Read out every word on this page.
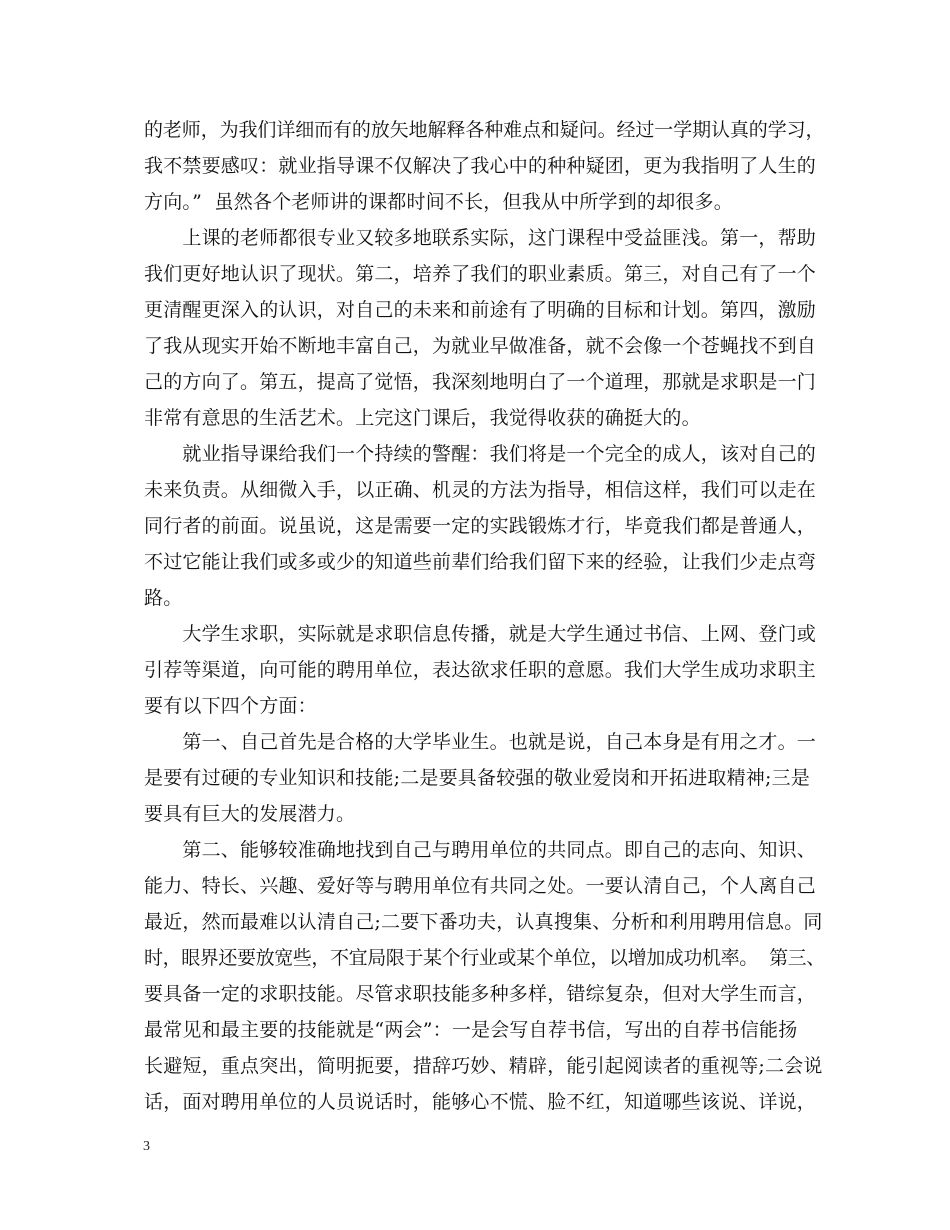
的老师，为我们详细而有的放矢地解释各种难点和疑问。经过一学期认真的学习，
我不禁要感叹：就业指导课不仅解决了我心中的种种疑团，更为我指明了人生的
方向。”  虽然各个老师讲的课都时间不长，但我从中所学到的却很多。
　　上课的老师都很专业又较多地联系实际，这门课程中受益匪浅。第一，帮助
我们更好地认识了现状。第二，培养了我们的职业素质。第三，对自己有了一个
更清醒更深入的认识，对自己的未来和前途有了明确的目标和计划。第四，激励
了我从现实开始不断地丰富自己，为就业早做准备，就不会像一个苍蝇找不到自
己的方向了。第五，提高了觉悟，我深刻地明白了一个道理，那就是求职是一门
非常有意思的生活艺术。上完这门课后，我觉得收获的确挺大的。
　　就业指导课给我们一个持续的警醒：我们将是一个完全的成人，该对自己的
未来负责。从细微入手，以正确、机灵的方法为指导，相信这样，我们可以走在
同行者的前面。说虽说，这是需要一定的实践锻炼才行，毕竟我们都是普通人，
不过它能让我们或多或少的知道些前辈们给我们留下来的经验，让我们少走点弯
路。
　　大学生求职，实际就是求职信息传播，就是大学生通过书信、上网、登门或
引荐等渠道，向可能的聘用单位，表达欲求任职的意愿。我们大学生成功求职主
要有以下四个方面：
　　第一、自己首先是合格的大学毕业生。也就是说，自己本身是有用之才。一
是要有过硬的专业知识和技能;二是要具备较强的敬业爱岗和开拓进取精神;三是
要具有巨大的发展潜力。
　　第二、能够较准确地找到自己与聘用单位的共同点。即自己的志向、知识、
能力、特长、兴趣、爱好等与聘用单位有共同之处。一要认清自己，个人离自己
最近，然而最难以认清自己;二要下番功夫，认真搜集、分析和利用聘用信息。同
时，眼界还要放宽些，不宜局限于某个行业或某个单位，以增加成功机率。  第三、
要具备一定的求职技能。尽管求职技能多种多样，错综复杂，但对大学生而言，
最常见和最主要的技能就是“两会”：一是会写自荐书信，写出的自荐书信能扬
长避短，重点突出，简明扼要，措辞巧妙、精辟，能引起阅读者的重视等;二会说
话，面对聘用单位的人员说话时，能够心不慌、脸不红，知道哪些该说、详说，
3
